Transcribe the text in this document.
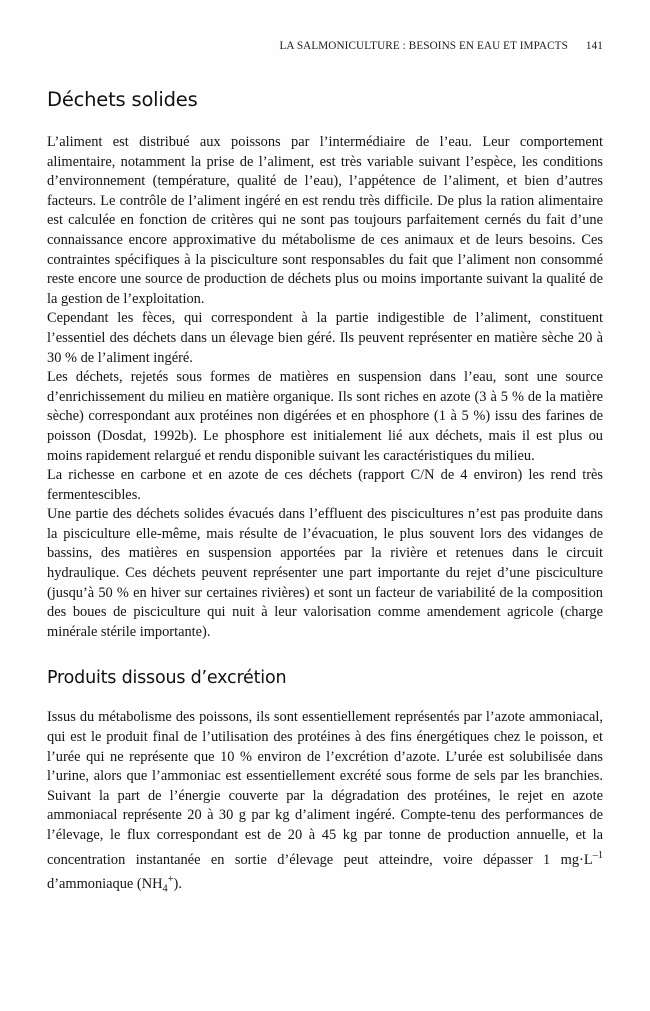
LA SALMONICULTURE : BESOINS EN EAU ET IMPACTS 141
Déchets solides

L’aliment est distribué aux poissons par l’intermédiaire de l’eau. Leur comportement alimentaire, notamment la prise de l’aliment, est très variable suivant l’espèce, les conditions d’environnement (température, qualité de l’eau), l’appétence de l’aliment, et bien d’autres facteurs. Le contrôle de l’aliment ingéré en est rendu très difficile. De plus la ration alimentaire est calculée en fonction de critères qui ne sont pas toujours parfaitement cernés du fait d’une connaissance encore approximative du métabolisme de ces animaux et de leurs besoins. Ces contraintes spécifiques à la pisciculture sont responsables du fait que l’aliment non consommé reste encore une source de production de déchets plus ou moins importante suivant la qualité de la gestion de l’exploitation.

Cependant les fèces, qui correspondent à la partie indigestible de l’aliment, constituent l’essentiel des déchets dans un élevage bien géré. Ils peuvent représenter en matière sèche 20 à 30 % de l’aliment ingéré.

Les déchets, rejetés sous formes de matières en suspension dans l’eau, sont une source d’enrichissement du milieu en matière organique. Ils sont riches en azote (3 à 5 % de la matière sèche) correspondant aux protéines non digérées et en phosphore (1 à 5 %) issu des farines de poisson (Dosdat, 1992b). Le phosphore est initialement lié aux déchets, mais il est plus ou moins rapidement relargué et rendu disponible suivant les caractéristiques du milieu.

La richesse en carbone et en azote de ces déchets (rapport C/N de 4 environ) les rend très fermentescibles.

Une partie des déchets solides évacués dans l’effluent des piscicultures n’est pas produite dans la pisciculture elle-même, mais résulte de l’évacuation, le plus souvent lors des vidanges de bassins, des matières en suspension apportées par la rivière et retenues dans le circuit hydraulique. Ces déchets peuvent représenter une part importante du rejet d’une pisciculture (jusqu’à 50 % en hiver sur certaines rivières) et sont un facteur de variabilité de la composition des boues de pisciculture qui nuit à leur valorisation comme amendement agricole (charge minérale stérile importante).

Produits dissous d’excrétion

Issus du métabolisme des poissons, ils sont essentiellement représentés par l’azote ammoniacal, qui est le produit final de l’utilisation des protéines à des fins énergétiques chez le poisson, et l’urée qui ne représente que 10 % environ de l’excrétion d’azote. L’urée est solubilisée dans l’urine, alors que l’ammoniac est essentiellement excrété sous forme de sels par les branchies. Suivant la part de l’énergie couverte par la dégradation des protéines, le rejet en azote ammoniacal représente 20 à 30 g par kg d’aliment ingéré. Compte-tenu des performances de l’élevage, le flux correspondant est de 20 à 45 kg par tonne de production annuelle, et la concentration instantanée en sortie d’élevage peut atteindre, voire dépasser 1 $mg\cdot L^{-1}$ d’ammoniaque $(NH_4^+)$.
